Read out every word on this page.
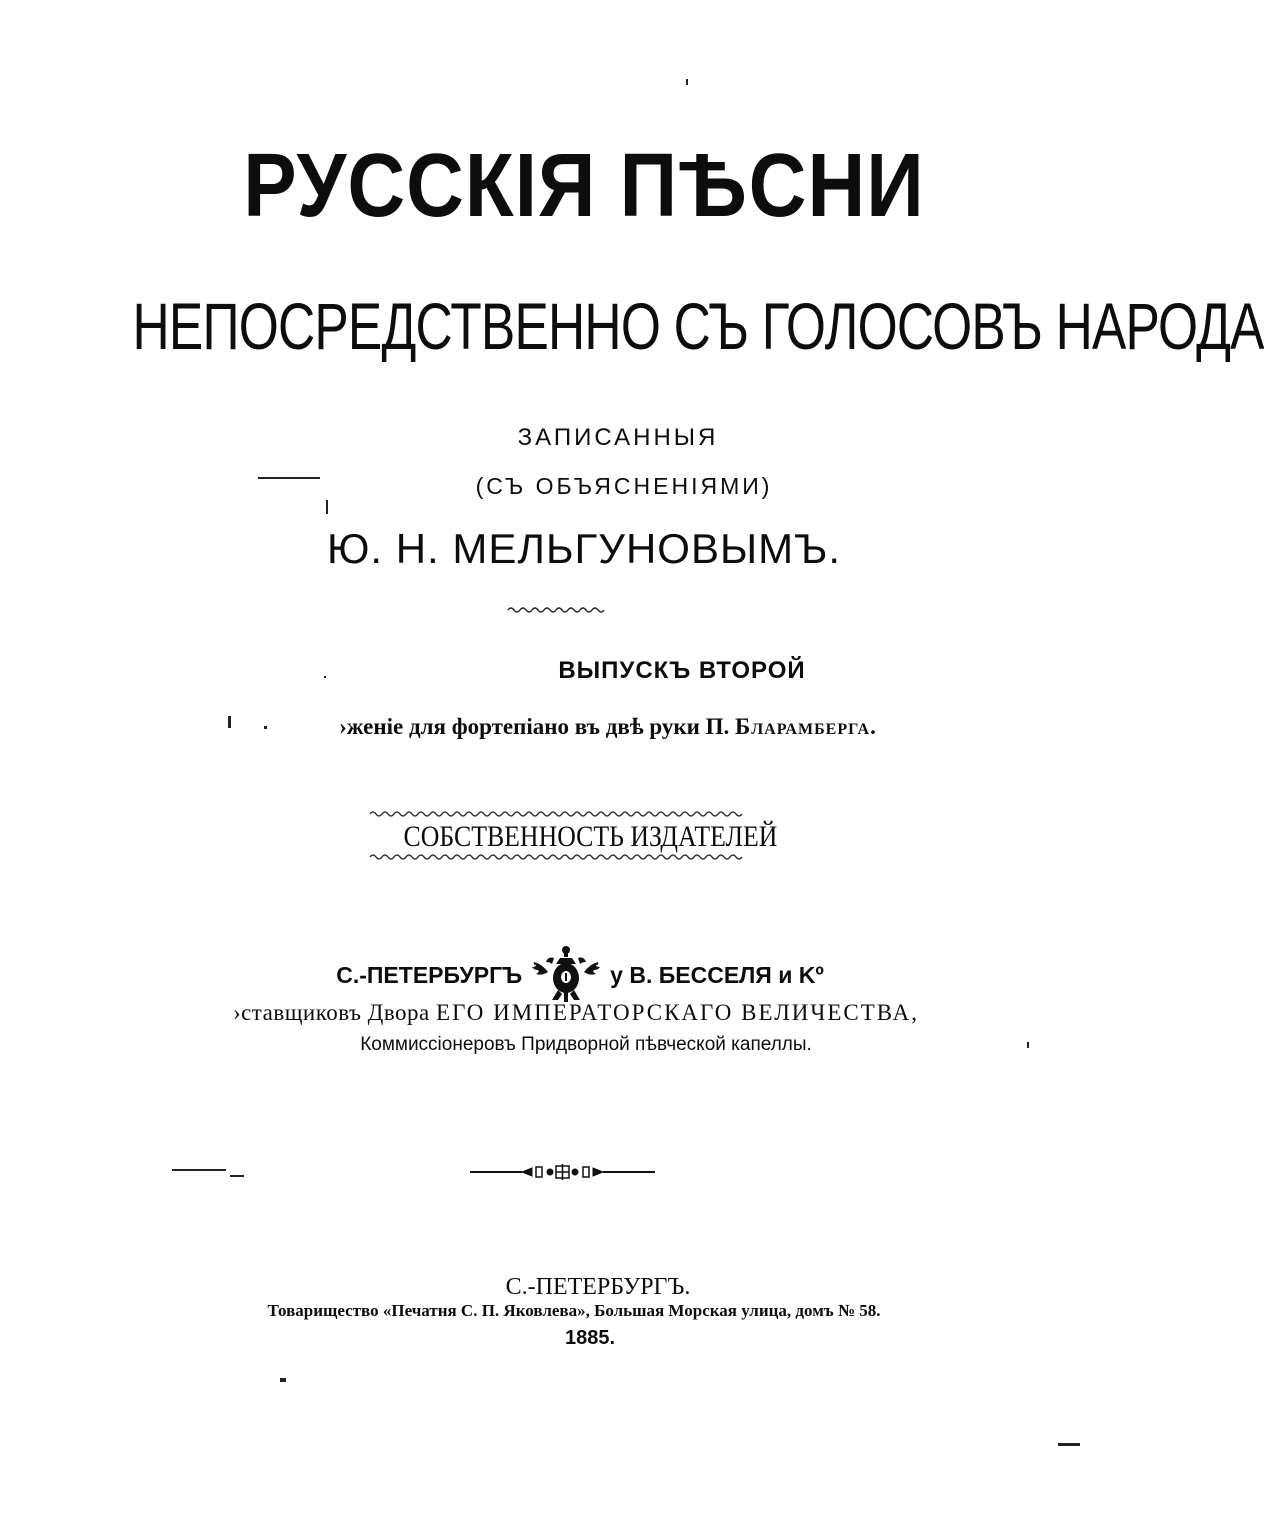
РУССКІЯ ПѢСНИ
НЕПОСРЕДСТВЕННО СЪ ГОЛОСОВЪ НАРОДА
ЗАПИСАННЫЯ
(СЪ ОБЪЯСНЕНІЯМИ)
Ю. Н. МЕЛЬГУНОВЫМЪ.
ВЫПУСКЪ ВТОРОЙ
›женіе для фортепіано въ двѣ руки П. Бларамберга.
СОБСТВЕННОСТЬ ИЗДАТЕЛЕЙ
С.-ПЕТЕРБУРГЪ	у В. БЕССЕЛЯ и Kº
›ставщиковъ Двора ЕГО ИМПЕРАТОРСКАГО ВЕЛИЧЕСТВА,
Коммиссіонеровъ Придворной пѣвческой капеллы.
С.-ПЕТЕРБУРГЪ.
Товарищество «Печатня С. П. Яковлева», Большая Морская улица, домъ № 58.
1885.
